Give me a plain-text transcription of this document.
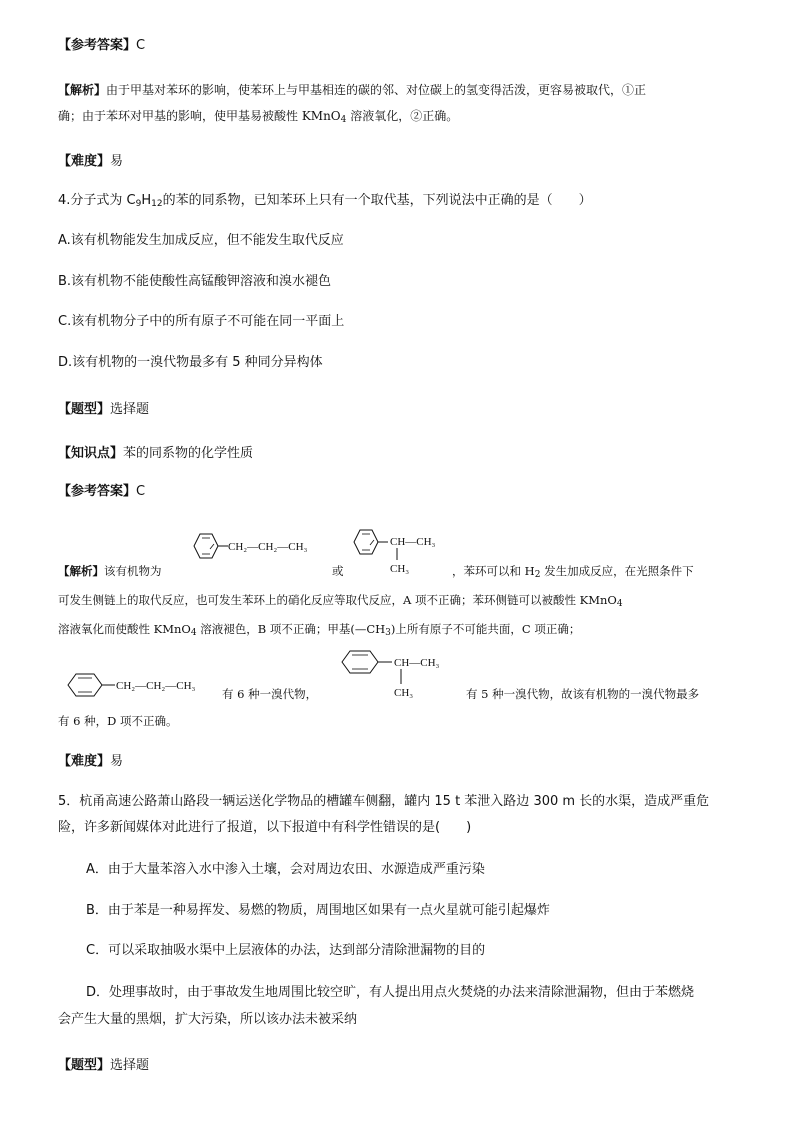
【参考答案】C
【解析】由于甲基对苯环的影响，使苯环上与甲基相连的碳的邻、对位碳上的氢变得活泼，更容易被取代，①正
确；由于苯环对甲基的影响，使甲基易被酸性 KMnO$_4$ 溶液氧化，②正确。
【难度】易
4.分子式为 $C_9H_{12}$的苯的同系物，已知苯环上只有一个取代基，下列说法中正确的是（　　）
A.该有机物能发生加成反应，但不能发生取代反应
B.该有机物不能使酸性高锰酸钾溶液和溴水褪色
C.该有机物分子中的所有原子不可能在同一平面上
D.该有机物的一溴代物最多有 5 种同分异构体
【题型】选择题
【知识点】苯的同系物的化学性质
【参考答案】C
CH₂—CH₂—CH₃	CH—CH₃
CH₃
【解析】该有机物为	或	，苯环可以和 $H_2$ 发生加成反应，在光照条件下
可发生侧链上的取代反应，也可发生苯环上的硝化反应等取代反应，A 项不正确；苯环侧链可以被酸性 KMnO$_4$
溶液氧化而使酸性 KMnO$_4$ 溶液褪色，B 项不正确；甲基$(—CH_3)$上所有原子不可能共面，C 项正确；
CH₂—CH₂—CH₃
有 6 种一溴代物，
CH—CH₃
CH₃	有 5 种一溴代物，故该有机物的一溴代物最多
有 6 种，D 项不正确。
【难度】易
5．杭甬高速公路萧山路段一辆运送化学物品的槽罐车侧翻，罐内 15 t 苯泄入路边 300 m 长的水渠，造成严重危
险，许多新闻媒体对此进行了报道，以下报道中有科学性错误的是(　　)
A．由于大量苯溶入水中渗入土壤，会对周边农田、水源造成严重污染
B．由于苯是一种易挥发、易燃的物质，周围地区如果有一点火星就可能引起爆炸
C．可以采取抽吸水渠中上层液体的办法，达到部分清除泄漏物的目的
D．处理事故时，由于事故发生地周围比较空旷，有人提出用点火焚烧的办法来清除泄漏物，但由于苯燃烧
会产生大量的黑烟，扩大污染，所以该办法未被采纳
【题型】选择题
